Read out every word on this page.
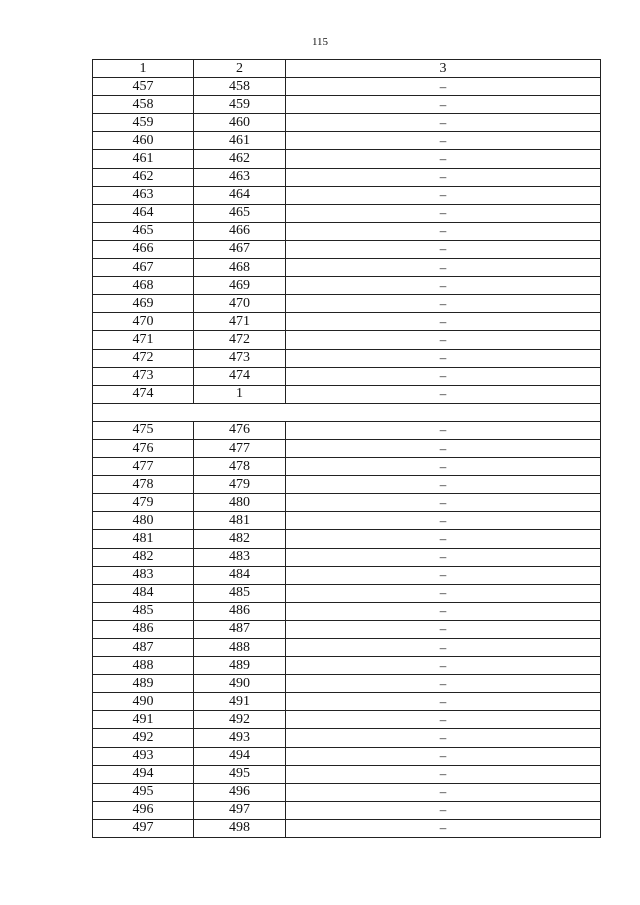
115
1	2	3
457	458	–
458	459	–
459	460	–
460	461	–
461	462	–
462	463	–
463	464	–
464	465	–
465	466	–
466	467	–
467	468	–
468	469	–
469	470	–
470	471	–
471	472	–
472	473	–
473	474	–
474	1	–

475	476	–
476	477	–
477	478	–
478	479	–
479	480	–
480	481	–
481	482	–
482	483	–
483	484	–
484	485	–
485	486	–
486	487	–
487	488	–
488	489	–
489	490	–
490	491	–
491	492	–
492	493	–
493	494	–
494	495	–
495	496	–
496	497	–
497	498	–
